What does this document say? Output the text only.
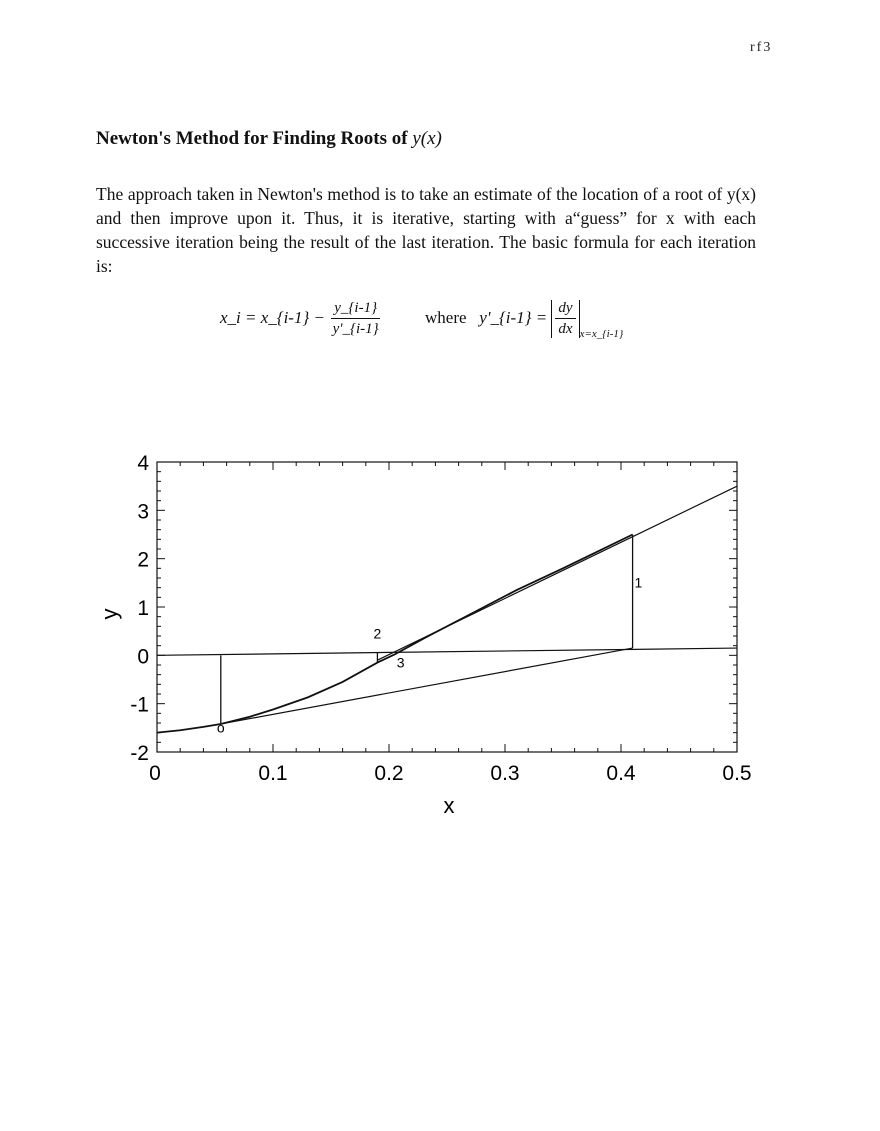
rf3
Newton's Method for Finding Roots of y(x)

The approach taken in Newton's method is to take an estimate of the location of a root of y(x) and then improve upon it. Thus, it is iterative, starting with a“guess” for x with each successive iteration being the result of the last iteration. The basic formula for each iteration is:

x_i = x_{i-1} − $\frac{y\_\{i-1\}}{y'\_\{i-1\}}$	where y'_{i-1} = $\frac{dy}{dx} _{x=x\_\{i-1\}}$
0	0.1	0.2	0.3	0.4	0.5
-2
-1
0
1
2
3
4
o
1
2
3
x
y
